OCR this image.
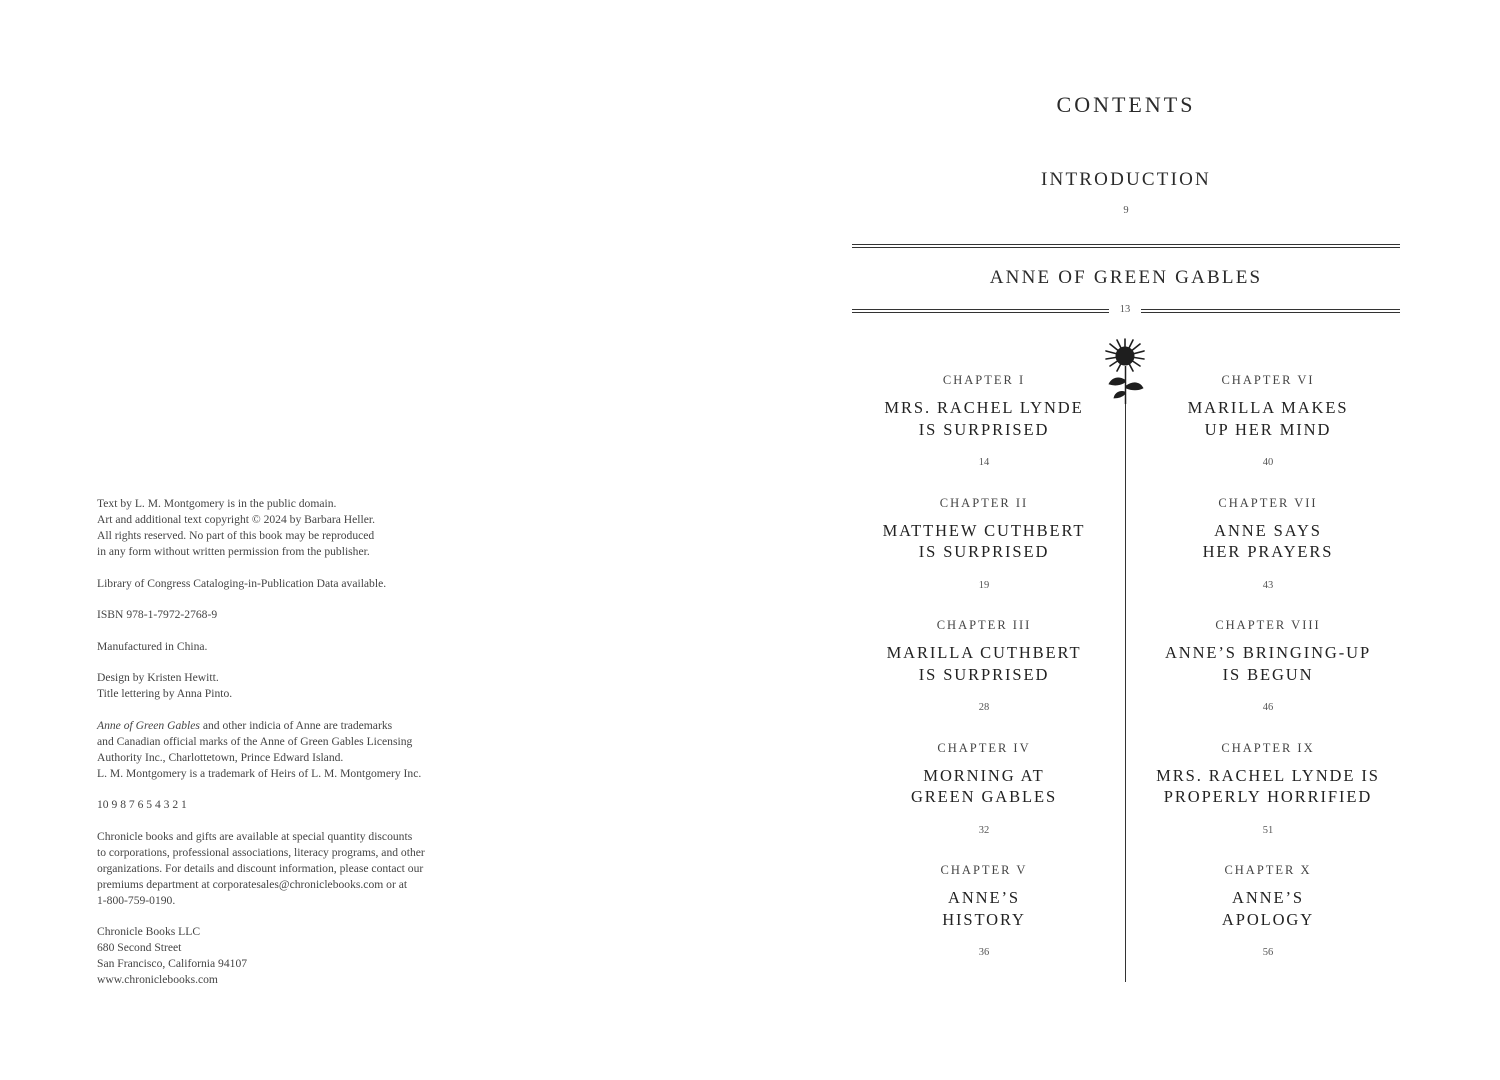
Text by L. M. Montgomery is in the public domain.
Art and additional text copyright © 2024 by Barbara Heller.
All rights reserved. No part of this book may be reproduced
in any form without written permission from the publisher.
Library of Congress Cataloging-in-Publication Data available.
ISBN 978-1-7972-2768-9
Manufactured in China.
Design by Kristen Hewitt.
Title lettering by Anna Pinto.
Anne of Green Gables and other indicia of Anne are trademarks
and Canadian official marks of the Anne of Green Gables Licensing
Authority Inc., Charlottetown, Prince Edward Island.
L. M. Montgomery is a trademark of Heirs of L. M. Montgomery Inc.
10 9 8 7 6 5 4 3 2 1
Chronicle books and gifts are available at special quantity discounts
to corporations, professional associations, literacy programs, and other
organizations. For details and discount information, please contact our
premiums department at corporatesales@chroniclebooks.com or at
1-800-759-0190.
Chronicle Books LLC
680 Second Street
San Francisco, California 94107
www.chroniclebooks.com
CONTENTS
INTRODUCTION
9
ANNE OF GREEN GABLES
13
CHAPTER I
MRS. RACHEL LYNDE
IS SURPRISED
14
CHAPTER II
MATTHEW CUTHBERT
IS SURPRISED
19
CHAPTER III
MARILLA CUTHBERT
IS SURPRISED
28
CHAPTER IV
MORNING AT
GREEN GABLES
32
CHAPTER V
ANNE’S
HISTORY
36
CHAPTER VI
MARILLA MAKES
UP HER MIND
40
CHAPTER VII
ANNE SAYS
HER PRAYERS
43
CHAPTER VIII
ANNE’S BRINGING-UP
IS BEGUN
46
CHAPTER IX
MRS. RACHEL LYNDE IS
PROPERLY HORRIFIED
51
CHAPTER X
ANNE’S
APOLOGY
56
